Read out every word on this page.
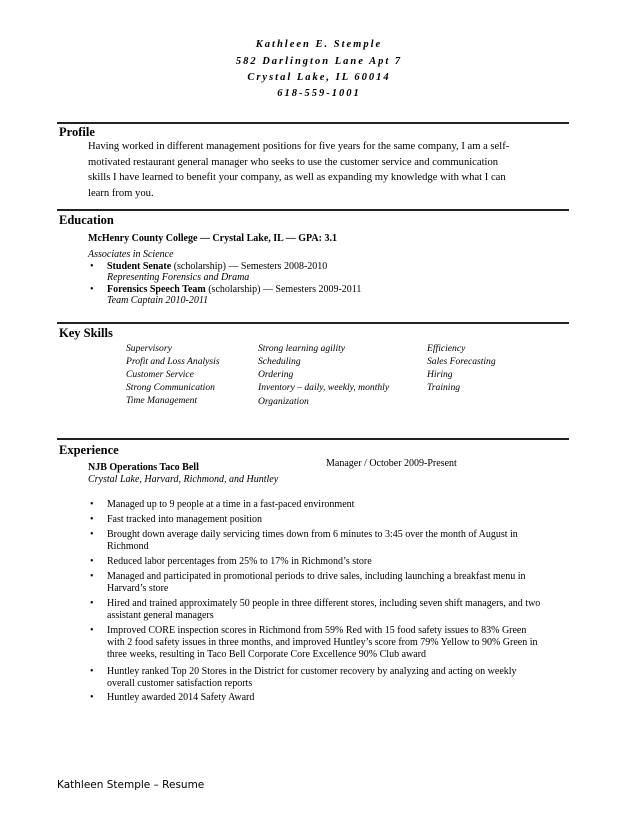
Kathleen E. Stemple
582 Darlington Lane Apt 7
Crystal Lake, IL 60014
618-559-1001
Profile
Having worked in different management positions for five years for the same company, I am a self-
motivated restaurant general manager who seeks to use the customer service and communication
skills I have learned to benefit your company, as well as expanding my knowledge with what I can
learn from you.
Education
McHenry County College — Crystal Lake, IL — GPA: 3.1
Associates in Science
• Student Senate (scholarship) — Semesters 2008-2010
Representing Forensics and Drama
• Forensics Speech Team (scholarship) — Semesters 2009-2011
Team Captain 2010-2011
Key Skills
Supervisory
Profit and Loss Analysis
Customer Service
Strong Communication
Time Management
Strong learning agility
Scheduling
Ordering
Inventory – daily, weekly, monthly
Organization
Efficiency
Sales Forecasting
Hiring
Training
Experience
NJB Operations Taco Bell	Manager / October 2009-Present
Crystal Lake, Harvard, Richmond, and Huntley
• Managed up to 9 people at a time in a fast-paced environment
• Fast tracked into management position
• Brought down average daily servicing times down from 6 minutes to 3:45 over the month of August in
Richmond
• Reduced labor percentages from 25% to 17% in Richmond’s store
• Managed and participated in promotional periods to drive sales, including launching a breakfast menu in
Harvard’s store
• Hired and trained approximately 50 people in three different stores, including seven shift managers, and two
assistant general managers
• Improved CORE inspection scores in Richmond from 59% Red with 15 food safety issues to 83% Green
with 2 food safety issues in three months, and improved Huntley’s score from 79% Yellow to 90% Green in
three weeks, resulting in Taco Bell Corporate Core Excellence 90% Club award
• Huntley ranked Top 20 Stores in the District for customer recovery by analyzing and acting on weekly
overall customer satisfaction reports
• Huntley awarded 2014 Safety Award
Kathleen Stemple – Resume
